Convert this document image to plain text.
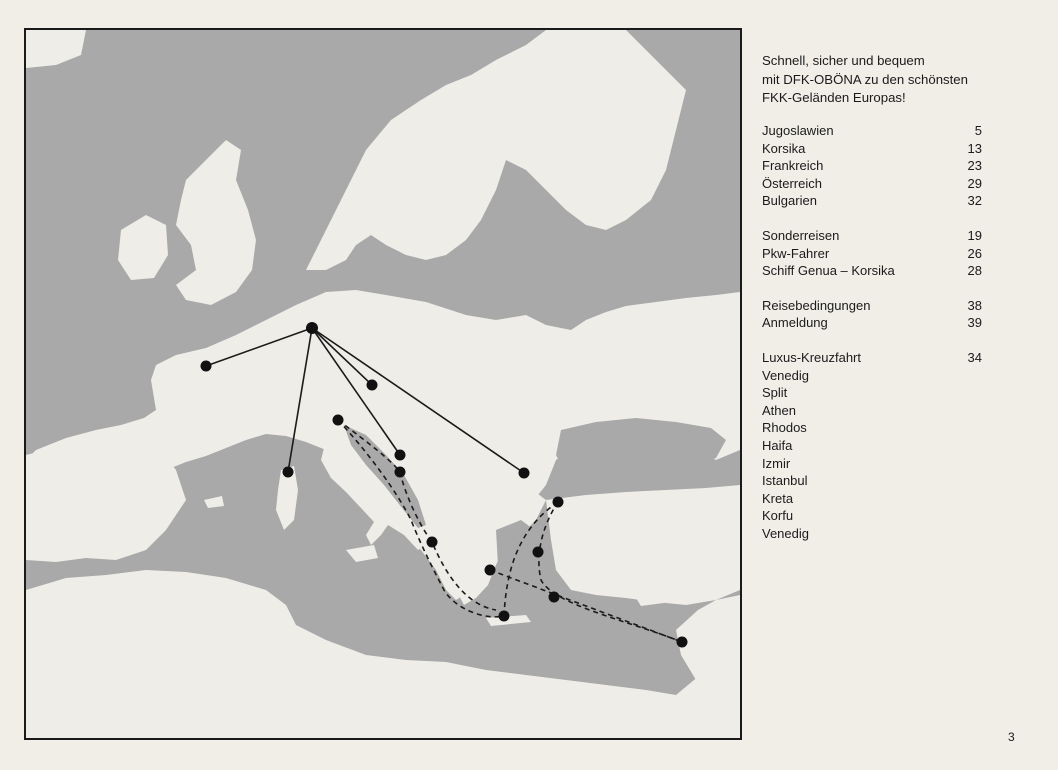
Schnell, sicher und bequem
mit DFK-OBÖNA zu den schönsten
FKK-Geländen Europas!
Jugoslawien	5
Korsika	13
Frankreich	23
Österreich	29
Bulgarien	32
Sonderreisen	19
Pkw-Fahrer	26
Schiff Genua – Korsika	28
Reisebedingungen	38
Anmeldung	39
Luxus-Kreuzfahrt	34
Venedig
Split
Athen
Rhodos
Haifa
Izmir
Istanbul
Kreta
Korfu
Venedig
3
